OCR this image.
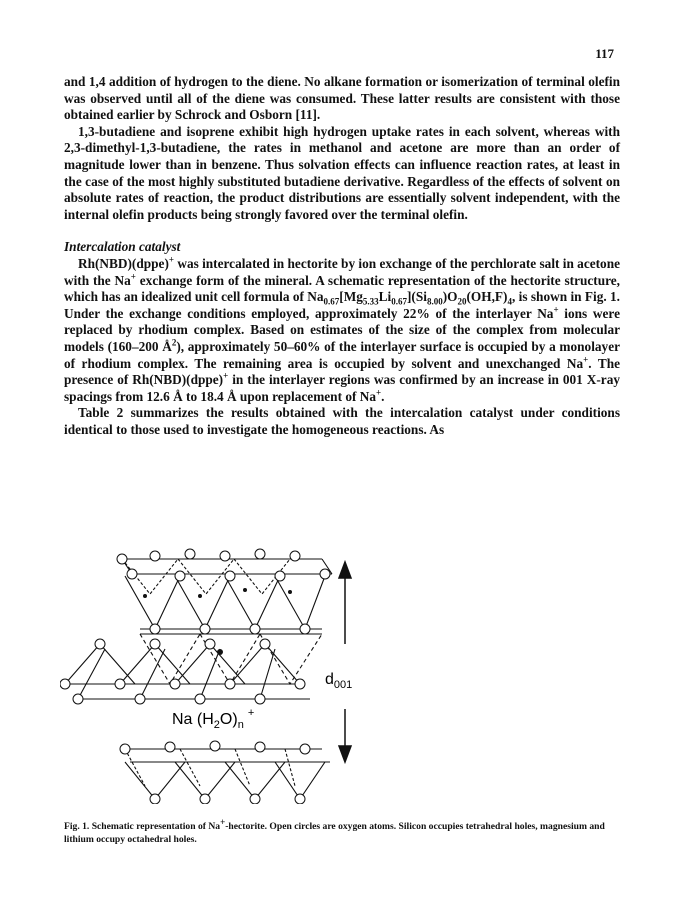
117

and 1,4 addition of hydrogen to the diene. No alkane formation or isomerization of terminal olefin was observed until all of the diene was consumed. These latter results are consistent with those obtained earlier by Schrock and Osborn [11].

1,3-butadiene and isoprene exhibit high hydrogen uptake rates in each solvent, whereas with 2,3-dimethyl-1,3-butadiene, the rates in methanol and acetone are more than an order of magnitude lower than in benzene. Thus solvation effects can influence reaction rates, at least in the case of the most highly substituted butadiene derivative. Regardless of the effects of solvent on absolute rates of reaction, the product distributions are essentially solvent independent, with the internal olefin products being strongly favored over the terminal olefin.

Intercalation catalyst

Rh(NBD)(dppe)+ was intercalated in hectorite by ion exchange of the perchlorate salt in acetone with the Na+ exchange form of the mineral. A schematic representation of the hectorite structure, which has an idealized unit cell formula of $Na_{0.67}[Mg_{5.33}Li_{0.67}](Si_{8.00})O_{20}(OH,F)_4$, is shown in Fig. 1. Under the exchange conditions employed, approximately 22% of the interlayer Na+ ions were replaced by rhodium complex. Based on estimates of the size of the complex from molecular models (160–200 $Å^2$), approximately 50–60% of the interlayer surface is occupied by a monolayer of rhodium complex. The remaining area is occupied by solvent and unexchanged Na+. The presence of Rh(NBD)(dppe)+ in the interlayer regions was confirmed by an increase in 001 X-ray spacings from 12.6 Å to 18.4 Å upon replacement of Na+.

Table 2 summarizes the results obtained with the intercalation catalyst under conditions identical to those used to investigate the homogeneous reactions. As

$d_{001}$
Na $(H_2O)_n^+$
Fig. 1. Schematic representation of Na+-hectorite. Open circles are oxygen atoms. Silicon occupies tetrahedral holes, magnesium and lithium occupy octahedral holes.
